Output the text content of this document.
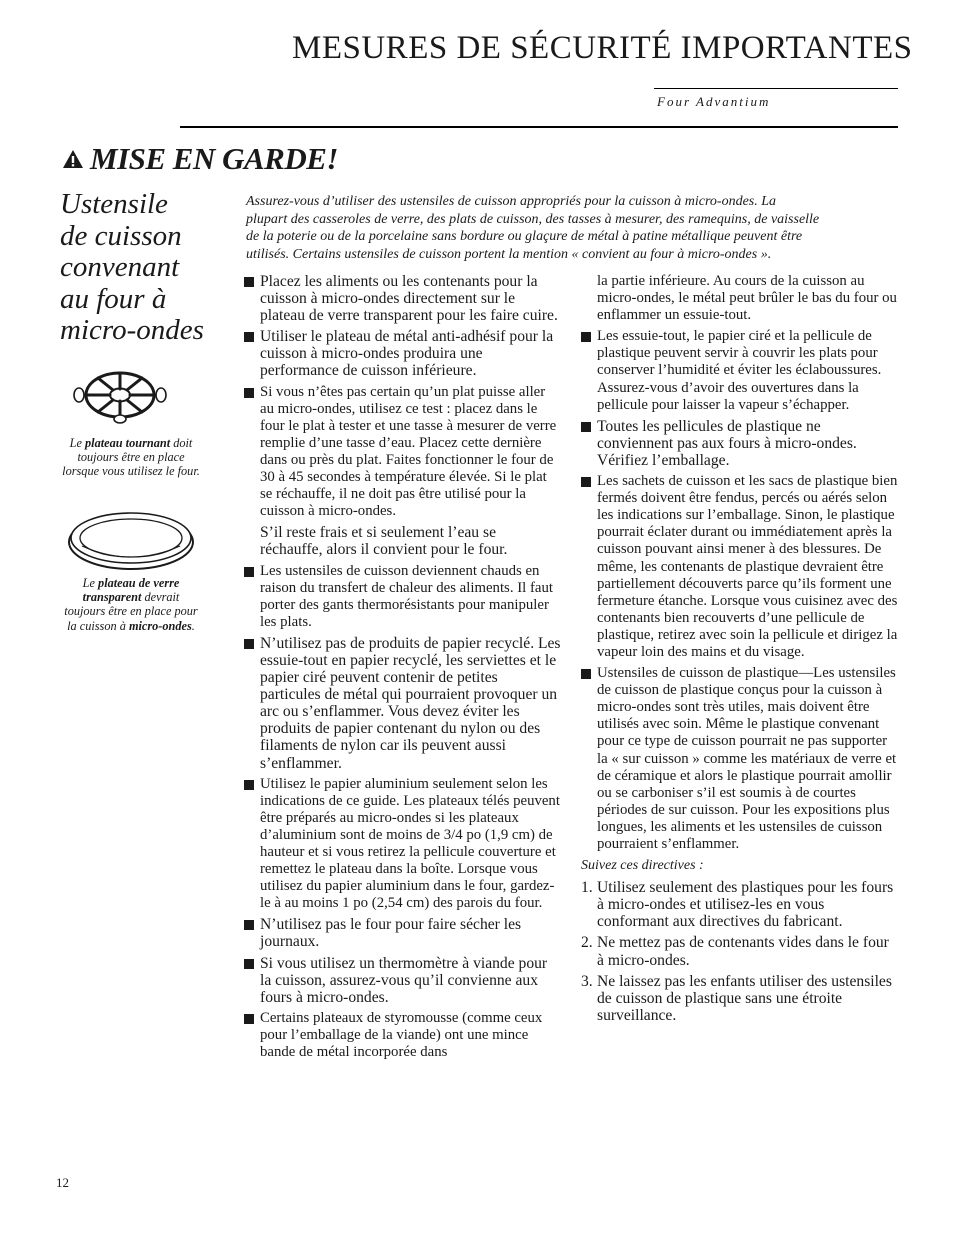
MESURES DE SÉCURITÉ IMPORTANTES
Four Advantium
MISE EN GARDE!
Ustensile
de cuisson
convenant
au four à
micro-ondes
Le plateau tournant doit toujours être en place lorsque vous utilisez le four.
Le plateau de verre transparent devrait toujours être en place pour la cuisson à micro-ondes.
Assurez-vous d’utiliser des ustensiles de cuisson appropriés pour la cuisson à micro-ondes. La
plupart des casseroles de verre, des plats de cuisson, des tasses à mesurer, des ramequins, de vaisselle
de la poterie ou de la porcelaine sans bordure ou glaçure de métal à patine métallique peuvent être
utilisés. Certains ustensiles de cuisson portent la mention « convient au four à micro-ondes ».
Placez les aliments ou les contenants pour la cuisson à micro-ondes directement sur le plateau de verre transparent pour les faire cuire.
Utiliser le plateau de métal anti-adhésif pour la cuisson à micro-ondes produira une performance de cuisson inférieure.
Si vous n’êtes pas certain qu’un plat puisse aller au micro-ondes, utilisez ce test : placez dans le four le plat à tester et une tasse à mesurer de verre remplie d’une tasse d’eau. Placez cette dernière dans ou près du plat. Faites fonctionner le four de 30 à 45 secondes à température élevée. Si le plat se réchauffe, il ne doit pas être utilisé pour la cuisson à micro-ondes.

S’il reste frais et si seulement l’eau se réchauffe, alors il convient pour le four.

Les ustensiles de cuisson deviennent chauds en raison du transfert de chaleur des aliments. Il faut porter des gants thermorésistants pour manipuler les plats.
N’utilisez pas de produits de papier recyclé. Les essuie-tout en papier recyclé, les serviettes et le papier ciré peuvent contenir de petites particules de métal qui pourraient provoquer un arc ou s’enflammer. Vous devez éviter les produits de papier contenant du nylon ou des filaments de nylon car ils peuvent aussi s’enflammer.
Utilisez le papier aluminium seulement selon les indications de ce guide. Les plateaux télés peuvent être préparés au micro-ondes si les plateaux d’aluminium sont de moins de 3/4 po (1,9 cm) de hauteur et si vous retirez la pellicule couverture et remettez le plateau dans la boîte. Lorsque vous utilisez du papier aluminium dans le four, gardez-le à au moins 1 po (2,54 cm) des parois du four.
N’utilisez pas le four pour faire sécher les journaux.
Si vous utilisez un thermomètre à viande pour la cuisson, assurez-vous qu’il convienne aux fours à micro-ondes.
Certains plateaux de styromousse (comme ceux pour l’emballage de la viande) ont une mince bande de métal incorporée dans

la partie inférieure. Au cours de la cuisson au micro-ondes, le métal peut brûler le bas du four ou enflammer un essuie-tout.

Les essuie-tout, le papier ciré et la pellicule de plastique peuvent servir à couvrir les plats pour conserver l’humidité et éviter les éclaboussures. Assurez-vous d’avoir des ouvertures dans la pellicule pour laisser la vapeur s’échapper.
Toutes les pellicules de plastique ne conviennent pas aux fours à micro-ondes. Vérifiez l’emballage.
Les sachets de cuisson et les sacs de plastique bien fermés doivent être fendus, percés ou aérés selon les indications sur l’emballage. Sinon, le plastique pourrait éclater durant ou immédiatement après la cuisson pouvant ainsi mener à des blessures. De même, les contenants de plastique devraient être partiellement découverts parce qu’ils forment une fermeture étanche. Lorsque vous cuisinez avec des contenants bien recouverts d’une pellicule de plastique, retirez avec soin la pellicule et dirigez la vapeur loin des mains et du visage.
Ustensiles de cuisson de plastique—Les ustensiles de cuisson de plastique conçus pour la cuisson à micro-ondes sont très utiles, mais doivent être utilisés avec soin. Même le plastique convenant pour ce type de cuisson pourrait ne pas supporter la « sur cuisson » comme les matériaux de verre et de céramique et alors le plastique pourrait amollir ou se carboniser s’il est soumis à de courtes périodes de sur cuisson. Pour les expositions plus longues, les aliments et les ustensiles de cuisson pourraient s’enflammer.
Suivez ces directives :
1. Utilisez seulement des plastiques pour les fours à micro-ondes et utilisez-les en vous conformant aux directives du fabricant.
2. Ne mettez pas de contenants vides dans le four à micro-ondes.
3. Ne laissez pas les enfants utiliser des ustensiles de cuisson de plastique sans une étroite surveillance.
12
